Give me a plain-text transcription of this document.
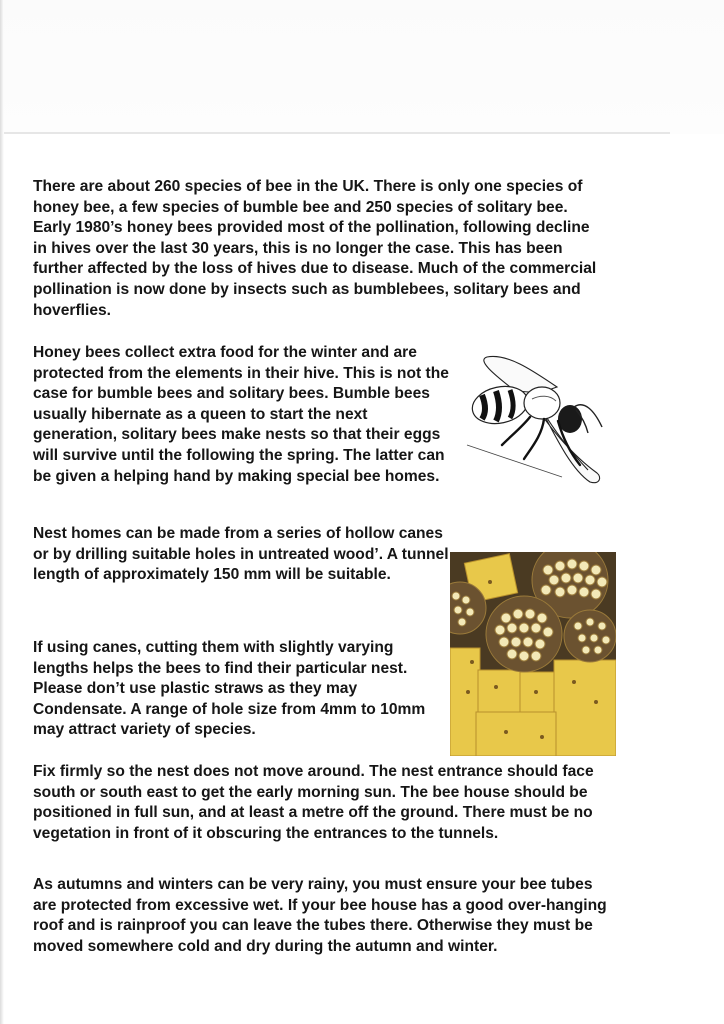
There are about 260 species of bee in the UK. There is only one species of honey bee, a few species of bumble bee and 250 species of solitary bee. Early 1980’s honey bees provided most of the pollination, following decline in hives over the last 30 years, this is no longer the case. This has been further affected by the loss of hives due to disease. Much of the commercial pollination is now done by insects such as bumblebees, solitary bees and hoverflies.

Honey bees collect extra food for the winter and are protected from the elements in their hive. This is not the case for bumble bees and solitary bees. Bumble bees usually hibernate as a queen to start the next generation, solitary bees make nests so that their eggs will survive until the following the spring. The latter can be given a helping hand by making special bee homes.

Nest homes can be made from a series of hollow canes or by drilling suitable holes in untreated wood’. A tunnel length of approximately 150 mm will be suitable.

If using canes, cutting them with slightly varying lengths helps the bees to find their particular nest. Please don’t use plastic straws as they may Condensate. A range of hole size from 4mm to 10mm may attract variety of species.

Fix firmly so the nest does not move around. The nest entrance should face south or south east to get the early morning sun. The bee house should be positioned in full sun, and at least a metre off the ground. There must be no vegetation in front of it obscuring the entrances to the tunnels.

As autumns and winters can be very rainy, you must ensure your bee tubes are protected from excessive wet. If your bee house has a good over-hanging roof and is rainproof you can leave the tubes there. Otherwise they must be moved somewhere cold and dry during the autumn and winter.
